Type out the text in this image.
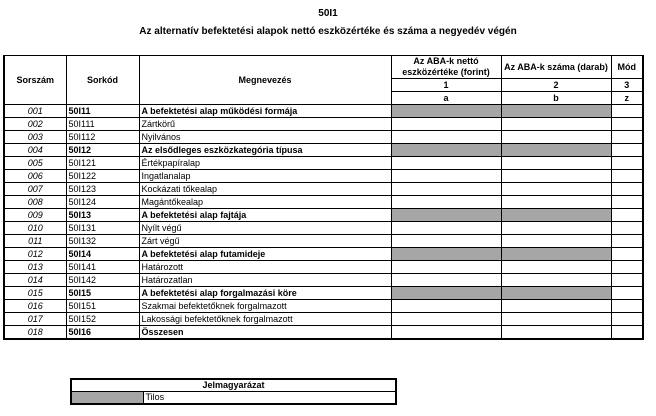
50I1
Az alternatív befektetési alapok nettó eszközértéke és száma a negyedév végén
Sorszám	Sorkód	Megnevezés	Az ABA-k nettó eszközértéke (forint)	Az ABA-k száma (darab)	Mód
			1	2	3
			a	b	z
001	50I11	A befektetési alap működési formája			
002	50I111	Zártkörű			
003	50I112	Nyilvános			
004	50I12	Az elsődleges eszközkategória típusa			
005	50I121	Értékpapíralap			
006	50I122	Ingatlanalap			
007	50I123	Kockázati tőkealap			
008	50I124	Magántőkealap			
009	50I13	A befektetési alap fajtája			
010	50I131	Nyílt végű			
011	50I132	Zárt végű			
012	50I14	A befektetési alap futamideje			
013	50I141	Határozott			
014	50I142	Határozatlan			
015	50I15	A befektetési alap forgalmazási köre			
016	50I151	Szakmai befektetőknek forgalmazott			
017	50I152	Lakossági befektetőknek forgalmazott			
018	50I16	Összesen			
Jelmagyarázat
	Tilos
